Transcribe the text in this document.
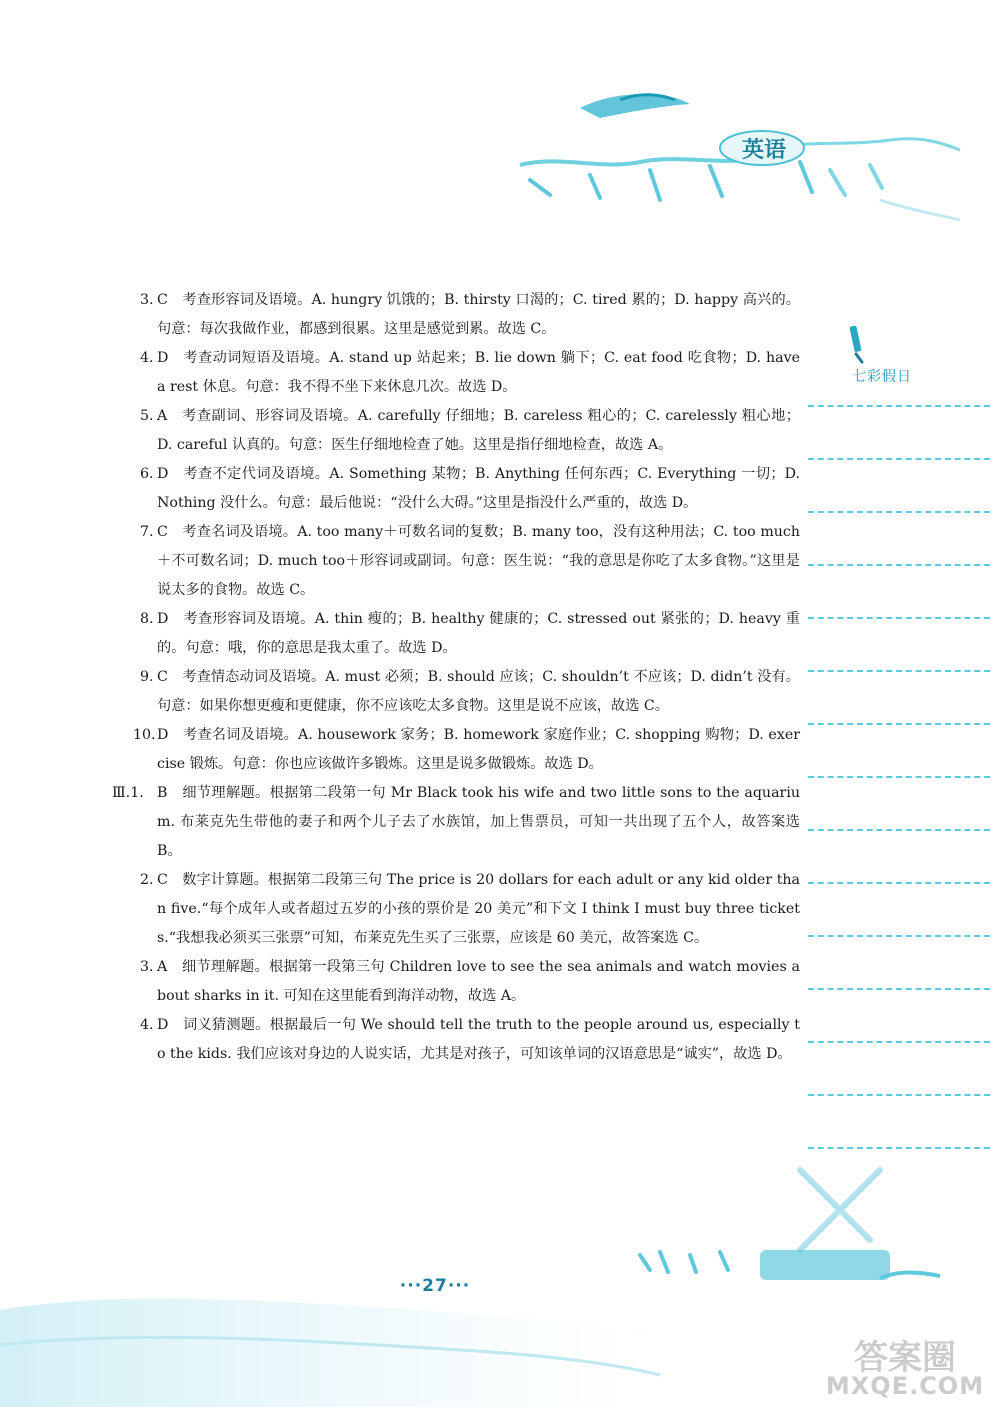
英语
七彩假日
3. C　考查形容词及语境。A. hungry 饥饿的；B. thirsty 口渴的；C. tired 累的；D. happy 高兴的。句意：每次我做作业，都感到很累。这里是感觉到累。故选 C。
4. D　考查动词短语及语境。A. stand up 站起来；B. lie down 躺下；C. eat food 吃食物；D. have a rest 休息。句意：我不得不坐下来休息几次。故选 D。
5. A　考查副词、形容词及语境。A. carefully 仔细地；B. careless 粗心的；C. carelessly 粗心地；D. careful 认真的。句意：医生仔细地检查了她。这里是指仔细地检查，故选 A。
6. D　考查不定代词及语境。A. Something 某物；B. Anything 任何东西；C. Everything 一切；D. Nothing 没什么。句意：最后他说：“没什么大碍。”这里是指没什么严重的，故选 D。
7. C　考查名词及语境。A. too many＋可数名词的复数；B. many too，没有这种用法；C. too much＋不可数名词；D. much too＋形容词或副词。句意：医生说：“我的意思是你吃了太多食物。”这里是说太多的食物。故选 C。
8. D　考查形容词及语境。A. thin 瘦的；B. healthy 健康的；C. stressed out 紧张的；D. heavy 重的。句意：哦，你的意思是我太重了。故选 D。
9. C　考查情态动词及语境。A. must 必须；B. should 应该；C. shouldn’t 不应该；D. didn’t 没有。句意：如果你想更瘦和更健康，你不应该吃太多食物。这里是说不应该，故选 C。
10. D　考查名词及语境。A. housework 家务；B. homework 家庭作业；C. shopping 购物；D. exercise 锻炼。句意：你也应该做许多锻炼。这里是说多做锻炼。故选 D。
Ⅲ.1. B　细节理解题。根据第二段第一句 Mr Black took his wife and two little sons to the aquarium. 布莱克先生带他的妻子和两个儿子去了水族馆，加上售票员，可知一共出现了五个人，故答案选 B。
2. C　数字计算题。根据第二段第三句 The price is 20 dollars for each adult or any kid older than five.“每个成年人或者超过五岁的小孩的票价是 20 美元”和下文 I think I must buy three tickets.“我想我必须买三张票”可知，布莱克先生买了三张票，应该是 60 美元，故答案选 C。
3. A　细节理解题。根据第一段第三句 Children love to see the sea animals and watch movies about sharks in it. 可知在这里能看到海洋动物，故选 A。
4. D　词义猜测题。根据最后一句 We should tell the truth to the people around us, especially to the kids. 我们应该对身边的人说实话，尤其是对孩子，可知该单词的汉语意思是“诚实”，故选 D。
···27···
答案圈
MXQE.COM
